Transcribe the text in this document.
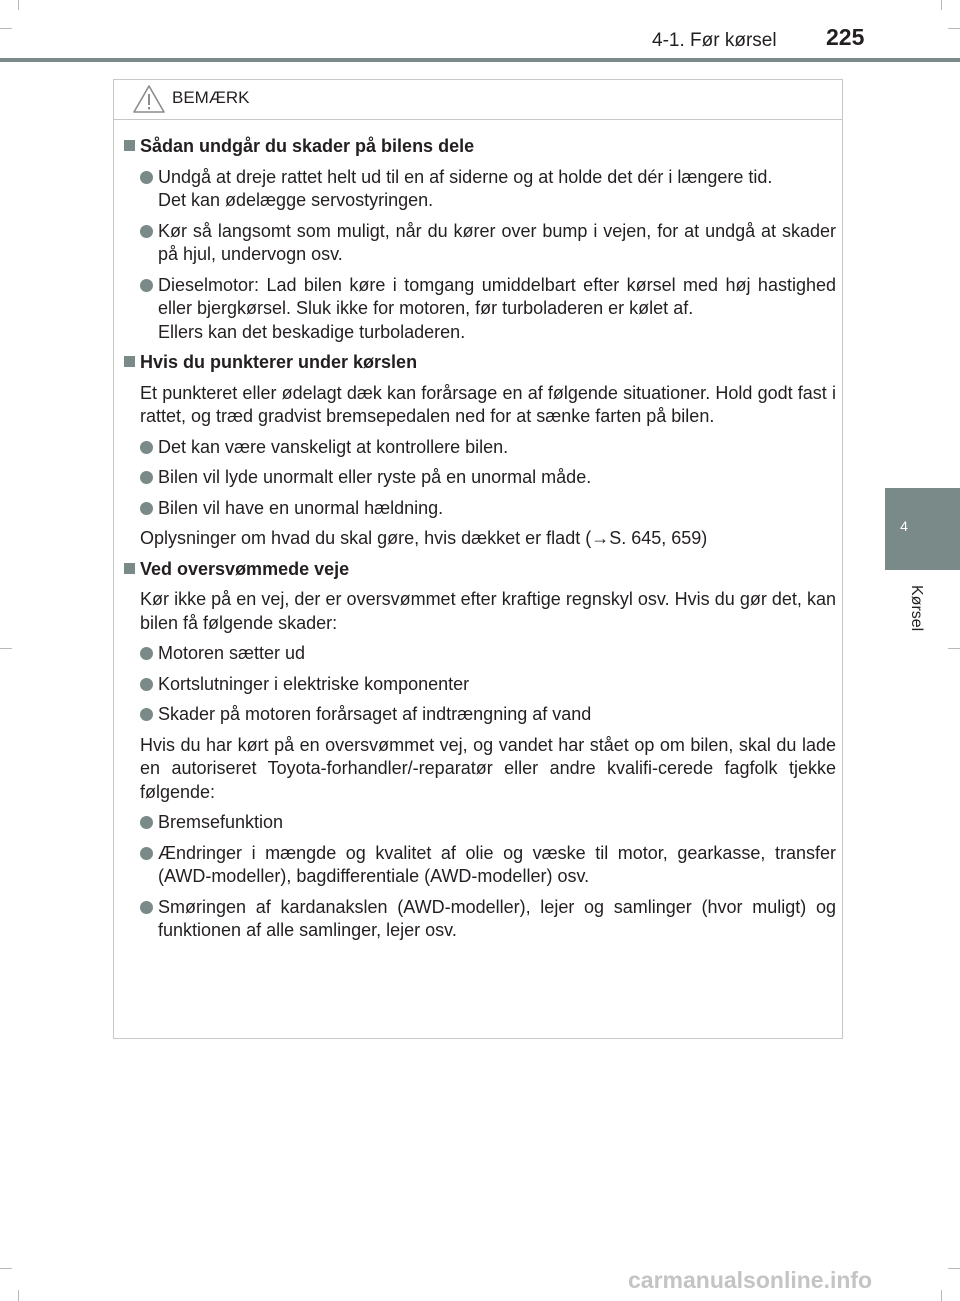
4-1. Før kørsel 225
4
Kørsel
BEMÆRK
Sådan undgår du skader på bilens dele
Undgå at dreje rattet helt ud til en af siderne og at holde det dér i længere tid.
Det kan ødelægge servostyringen.
Kør så langsomt som muligt, når du kører over bump i vejen, for at undgå at skader på hjul, undervogn osv.
Dieselmotor: Lad bilen køre i tomgang umiddelbart efter kørsel med høj hastighed eller bjergkørsel. Sluk ikke for motoren, før turboladeren er kølet af.
Ellers kan det beskadige turboladeren.
Hvis du punkterer under kørslen
Et punkteret eller ødelagt dæk kan forårsage en af følgende situationer. Hold godt fast i rattet, og træd gradvist bremsepedalen ned for at sænke farten på bilen.
Det kan være vanskeligt at kontrollere bilen.
Bilen vil lyde unormalt eller ryste på en unormal måde.
Bilen vil have en unormal hældning.
Oplysninger om hvad du skal gøre, hvis dækket er fladt (→S. 645, 659)
Ved oversvømmede veje
Kør ikke på en vej, der er oversvømmet efter kraftige regnskyl osv. Hvis du gør det, kan bilen få følgende skader:
Motoren sætter ud
Kortslutninger i elektriske komponenter
Skader på motoren forårsaget af indtrængning af vand
Hvis du har kørt på en oversvømmet vej, og vandet har stået op om bilen, skal du lade en autoriseret Toyota-forhandler/-reparatør eller andre kvalifi-cerede fagfolk tjekke følgende:
Bremsefunktion
Ændringer i mængde og kvalitet af olie og væske til motor, gearkasse, transfer (AWD-modeller), bagdifferentiale (AWD-modeller) osv.
Smøringen af kardanakslen (AWD-modeller), lejer og samlinger (hvor muligt) og funktionen af alle samlinger, lejer osv.
carmanualsonline.info
